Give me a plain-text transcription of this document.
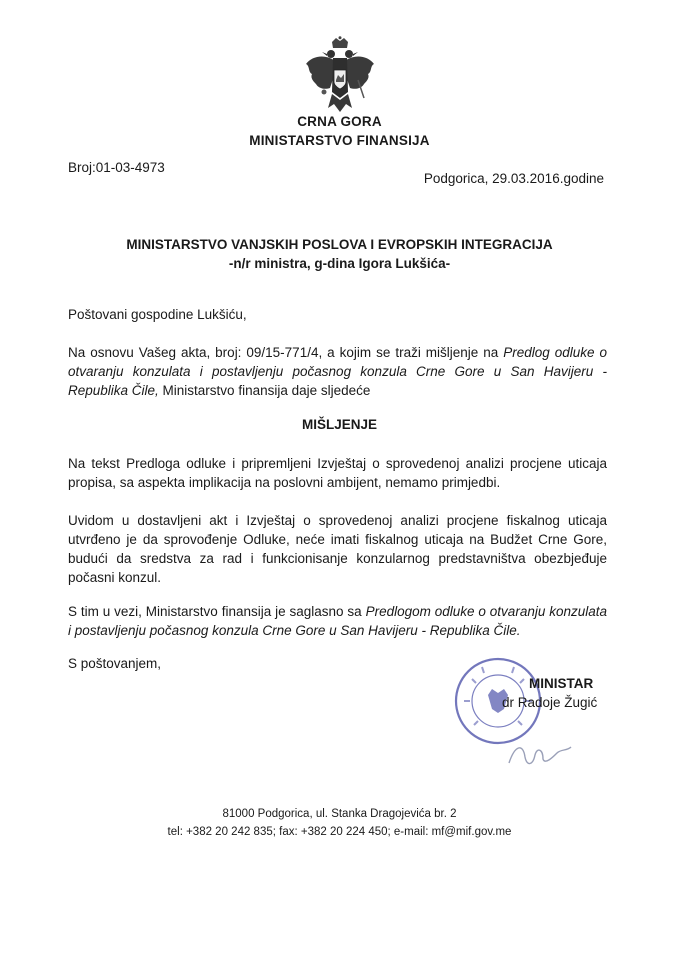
CRNA GORA
MINISTARSTVO FINANSIJA
Broj:01-03-4973
Podgorica, 29.03.2016.godine
MINISTARSTVO VANJSKIH POSLOVA I EVROPSKIH INTEGRACIJA
-n/r ministra, g-dina Igora Lukšića-
Poštovani gospodine Lukšiću,
Na osnovu Vašeg akta, broj: 09/15-771/4, a kojim se traži mišljenje na Predlog odluke o otvaranju konzulata i postavljenju počasnog konzula Crne Gore u San Havijeru - Republika Čile, Ministarstvo finansija daje sljedeće
MIŠLJENJE
Na tekst Predloga odluke i pripremljeni Izvještaj o sprovedenoj analizi procjene uticaja propisa, sa aspekta implikacija na poslovni ambijent, nemamo primjedbi.
Uvidom u dostavljeni akt i Izvještaj o sprovedenoj analizi procjene fiskalnog uticaja utvrđeno je da sprovođenje Odluke, neće imati fiskalnog uticaja na Budžet Crne Gore, budući da sredstva za rad i funkcionisanje konzularnog predstavništva obezbjeđuje počasni konzul.
S tim u vezi, Ministarstvo finansija je saglasno sa Predlogom odluke o otvaranju konzulata i postavljenju počasnog konzula Crne Gore u San Havijeru - Republika Čile.
S poštovanjem,
MINISTAR
dr Radoje Žugić
81000 Podgorica, ul. Stanka Dragojevića br. 2
tel: +382 20 242 835; fax: +382 20 224 450; e-mail: mf@mif.gov.me
